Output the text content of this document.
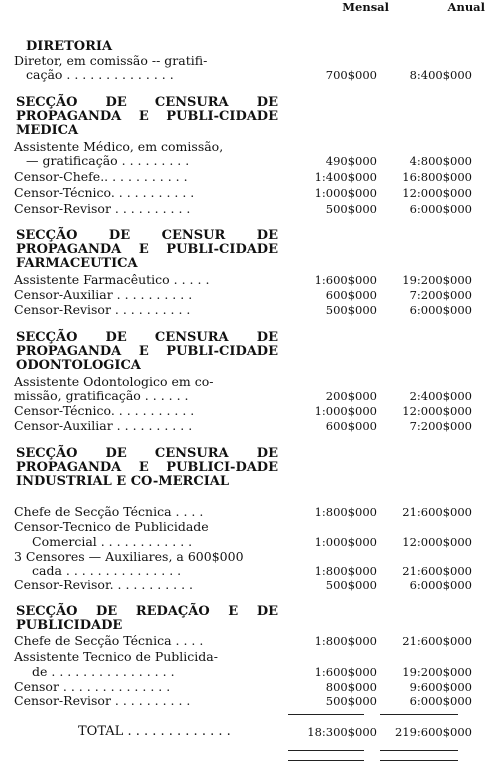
Mensal	Anual
DIRETORIA
Diretor, em comissão -- gratifi-
cação . . . . . . . . . . . . . .	700$000	8:400$000
SECÇÃO DE CENSURA DE PROPAGANDA E PUBLI-CIDADE MEDICA
Assistente Médico, em comissão,
— gratificação . . . . . . . . .	490$000	4:800$000
Censor-Chefe.. . . . . . . . . . .	1:400$000	16:800$000
Censor-Técnico. . . . . . . . . . .	1:000$000	12:000$000
Censor-Revisor . . . . . . . . . .	500$000	6:000$000
SECÇÃO DE CENSUR DE PROPAGANDA E PUBLI-CIDADE FARMACEUTICA
Assistente Farmacêutico . . . . .	1:600$000	19:200$000
Censor-Auxiliar . . . . . . . . . .	600$000	7:200$000
Censor-Revisor . . . . . . . . . .	500$000	6:000$000
SECÇÃO DE CENSURA DE PROPAGANDA E PUBLI-CIDADE ODONTOLOGICA
Assistente Odontologico em co-
missão, gratificação . . . . . .	200$000	2:400$000
Censor-Técnico. . . . . . . . . . .	1:000$000	12:000$000
Censor-Auxiliar . . . . . . . . . .	600$000	7:200$000
SECÇÃO DE CENSURA DE PROPAGANDA E PUBLICI-DADE INDUSTRIAL E CO-MERCIAL
Chefe de Secção Técnica . . . .	1:800$000	21:600$000
Censor-Tecnico de Publicidade
Comercial . . . . . . . . . . . .	1:000$000	12:000$000
3 Censores — Auxiliares, a 600$000
cada . . . . . . . . . . . . . . .	1:800$000	21:600$000
Censor-Revisor. . . . . . . . . . .	500$000	6:000$000
SECÇÃO DE REDAÇÃO E DE PUBLICIDADE
Chefe de Secção Técnica . . . .	1:800$000	21:600$000
Assistente Tecnico de Publicida-
de . . . . . . . . . . . . . . . .	1:600$000	19:200$000
Censor . . . . . . . . . . . . . .	800$000	9:600$000
Censor-Revisor . . . . . . . . . .	500$000	6:000$000
TOTAL . . . . . . . . . . . . .	18:300$000	219:600$000
